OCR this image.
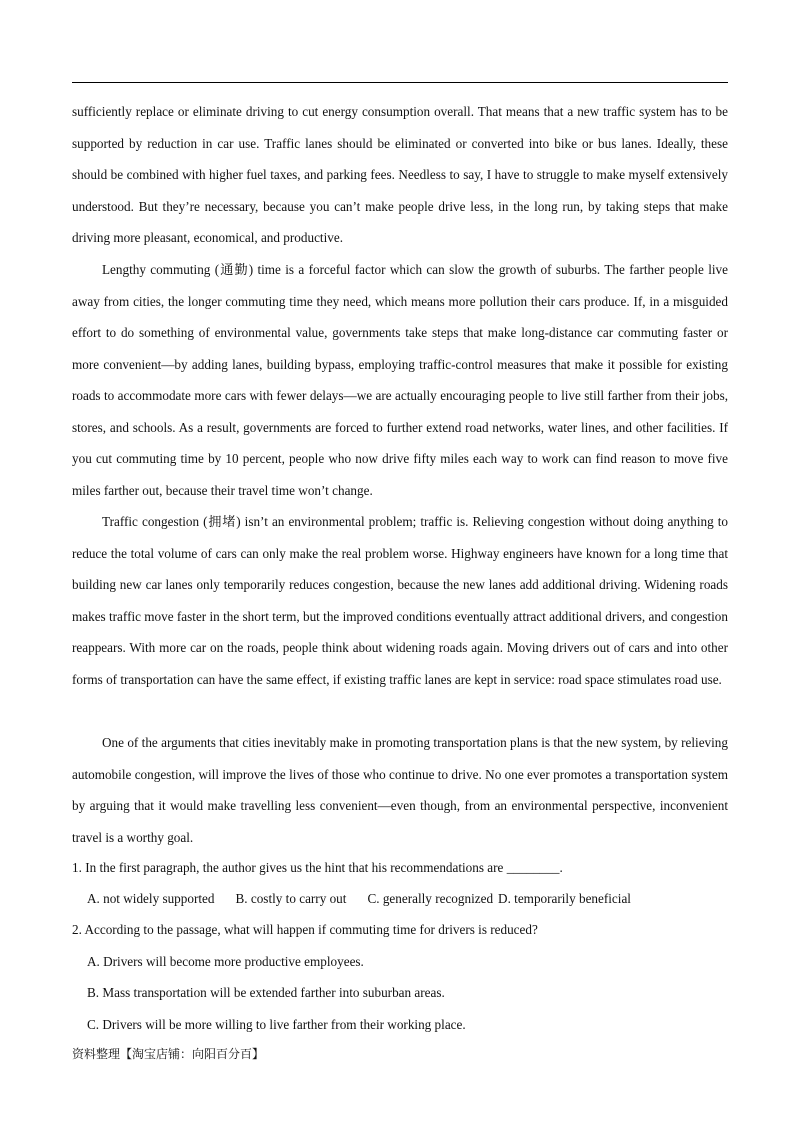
sufficiently replace or eliminate driving to cut energy consumption overall. That means that a new traffic system has to be supported by reduction in car use. Traffic lanes should be eliminated or converted into bike or bus lanes. Ideally, these should be combined with higher fuel taxes, and parking fees. Needless to say, I have to struggle to make myself extensively understood. But they’re necessary, because you can’t make people drive less, in the long run, by taking steps that make driving more pleasant, economical, and productive.

Lengthy commuting (通勤) time is a forceful factor which can slow the growth of suburbs. The farther people live away from cities, the longer commuting time they need, which means more pollution their cars produce. If, in a misguided effort to do something of environmental value, governments take steps that make long-distance car commuting faster or more convenient—by adding lanes, building bypass, employing traffic-control measures that make it possible for existing roads to accommodate more cars with fewer delays—we are actually encouraging people to live still farther from their jobs, stores, and schools. As a result, governments are forced to further extend road networks, water lines, and other facilities. If you cut commuting time by 10 percent, people who now drive fifty miles each way to work can find reason to move five miles farther out, because their travel time won’t change.

Traffic congestion (拥堵) isn’t an environmental problem; traffic is. Relieving congestion without doing anything to reduce the total volume of cars can only make the real problem worse. Highway engineers have known for a long time that building new car lanes only temporarily reduces congestion, because the new lanes add additional driving. Widening roads makes traffic move faster in the short term, but the improved conditions eventually attract additional drivers, and congestion reappears. With more car on the roads, people think about widening roads again. Moving drivers out of cars and into other forms of transportation can have the same effect, if existing traffic lanes are kept in service: road space stimulates road use.

One of the arguments that cities inevitably make in promoting transportation plans is that the new system, by relieving automobile congestion, will improve the lives of those who continue to drive. No one ever promotes a transportation system by arguing that it would make travelling less convenient—even though, from an environmental perspective, inconvenient travel is a worthy goal.

1. In the first paragraph, the author gives us the hint that his recommendations are ________.

A. not widely supported B. costly to carry out C. generally recognized D. temporarily beneficial

2. According to the passage, what will happen if commuting time for drivers is reduced?

A. Drivers will become more productive employees.

B. Mass transportation will be extended farther into suburban areas.

C. Drivers will be more willing to live farther from their working place.

资料整理【淘宝店铺：向阳百分百】
